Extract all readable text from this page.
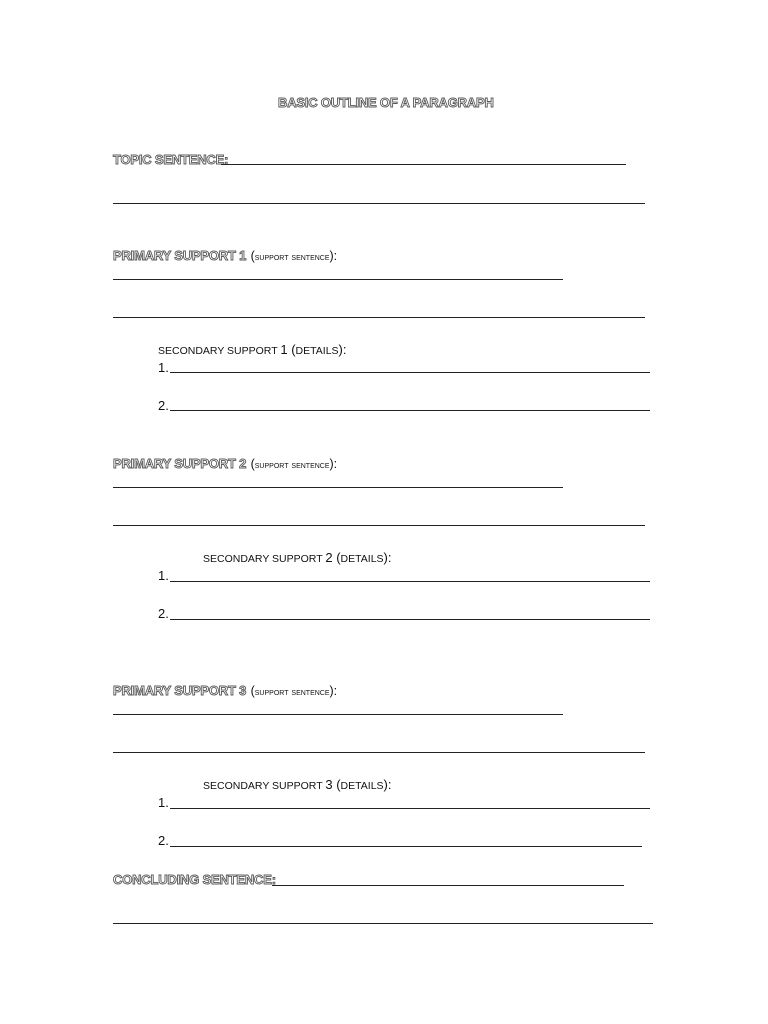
BASIC OUTLINE OF A PARAGRAPH
TOPIC SENTENCE:
PRIMARY SUPPORT 1 (support sentence):
SECONDARY SUPPORT 1 (DETAILS):
1.
2.
PRIMARY SUPPORT 2 (support sentence):
SECONDARY SUPPORT 2 (DETAILS):
1.
2.
PRIMARY SUPPORT 3 (support sentence):
SECONDARY SUPPORT 3 (DETAILS):
1.
2.
CONCLUDING SENTENCE:
